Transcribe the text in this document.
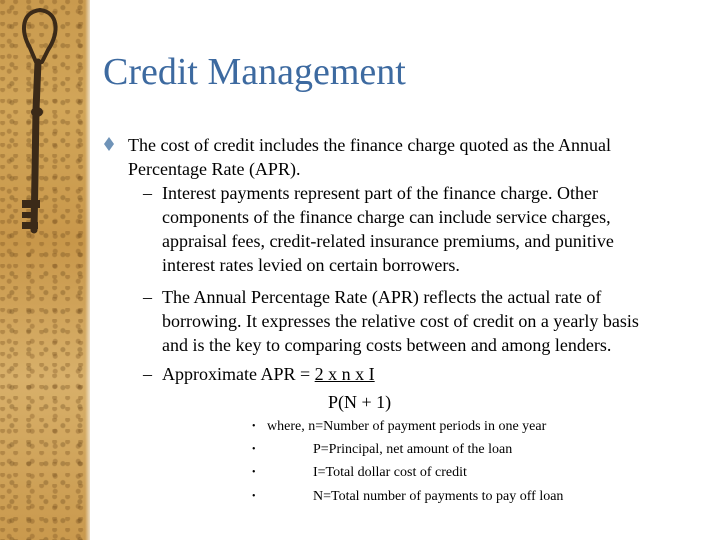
Credit Management
The cost of credit includes the finance charge quoted as the Annual
Percentage Rate (APR).
– Interest payments represent part of the finance charge. Other
components of the finance charge can include service charges,
appraisal fees, credit-related insurance premiums, and punitive
interest rates levied on certain borrowers.
– The Annual Percentage Rate (APR) reflects the actual rate of
borrowing. It expresses the relative cost of credit on a yearly basis
and is the key to comparing costs between and among lenders.
– Approximate APR = 2 x n x I
P(N + 1)
• where, n=Number of payment periods in one year
•	P=Principal, net amount of the loan
•	I=Total dollar cost of credit
•	N=Total number of payments to pay off loan
